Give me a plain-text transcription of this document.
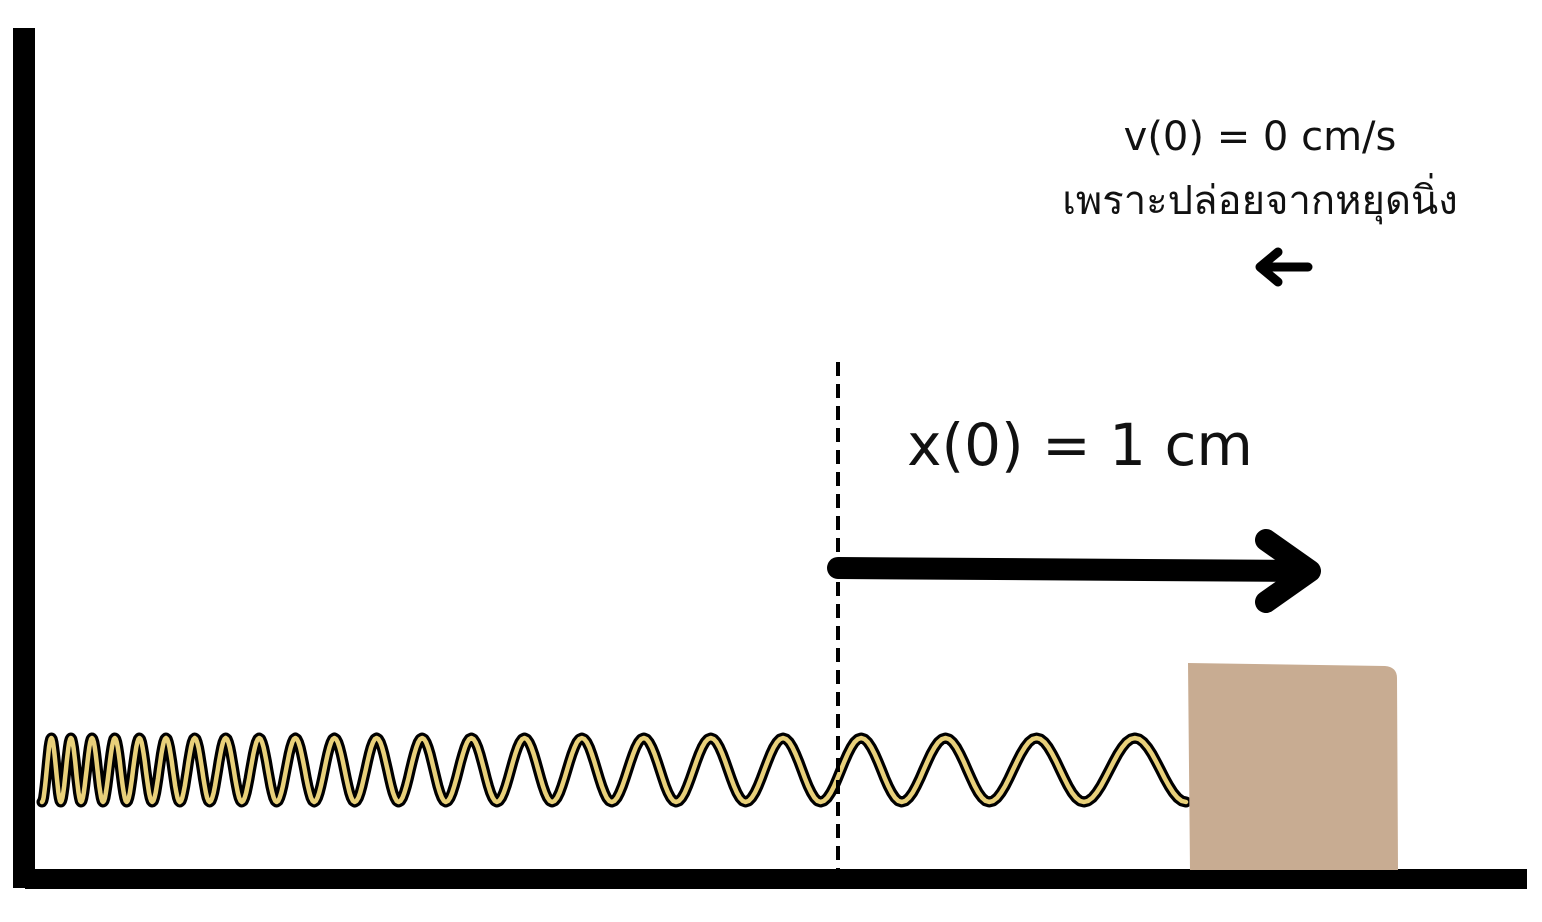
v(0) = 0 cm/s
เพราะปล่อยจากหยุดนิ่ง
x(0) = 1 cm
